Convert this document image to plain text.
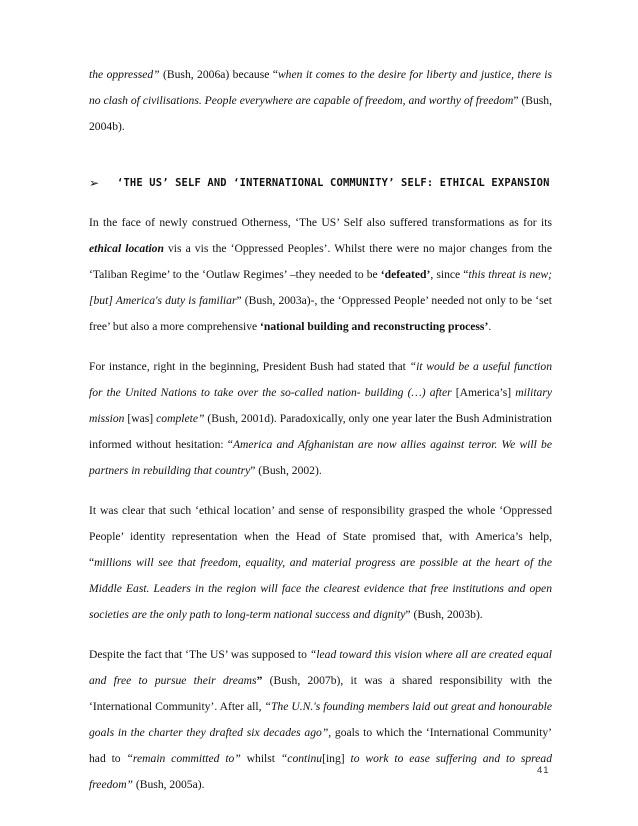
the oppressed” (Bush, 2006a) because “when it comes to the desire for liberty and justice, there is no clash of civilisations. People everywhere are capable of freedom, and worthy of freedom” (Bush, 2004b).

➢	‘THE US’ SELF AND ‘INTERNATIONAL COMMUNITY’ SELF: ETHICAL EXPANSION

In the face of newly construed Otherness, ‘The US’ Self also suffered transformations as for its ethical location vis a vis the ‘Oppressed Peoples’. Whilst there were no major changes from the ‘Taliban Regime’ to the ‘Outlaw Regimes’ –they needed to be ‘defeated’, since “this threat is new; [but] America's duty is familiar” (Bush, 2003a)-, the ‘Oppressed People’ needed not only to be ‘set free’ but also a more comprehensive ‘national building and reconstructing process’.

For instance, right in the beginning, President Bush had stated that “it would be a useful function for the United Nations to take over the so-called nation- building (…) after [America’s] military mission [was] complete” (Bush, 2001d). Paradoxically, only one year later the Bush Administration informed without hesitation: “America and Afghanistan are now allies against terror. We will be partners in rebuilding that country” (Bush, 2002).

It was clear that such ‘ethical location’ and sense of responsibility grasped the whole ‘Oppressed People’ identity representation when the Head of State promised that, with America’s help, “millions will see that freedom, equality, and material progress are possible at the heart of the Middle East. Leaders in the region will face the clearest evidence that free institutions and open societies are the only path to long-term national success and dignity” (Bush, 2003b).

Despite the fact that ‘The US’ was supposed to “lead toward this vision where all are created equal and free to pursue their dreams” (Bush, 2007b), it was a shared responsibility with the ‘International Community’. After all, “The U.N.'s founding members laid out great and honourable goals in the charter they drafted six decades ago”, goals to which the ‘International Community’ had to “remain committed to” whilst “continu[ing] to work to ease suffering and to spread freedom” (Bush, 2005a).

41
